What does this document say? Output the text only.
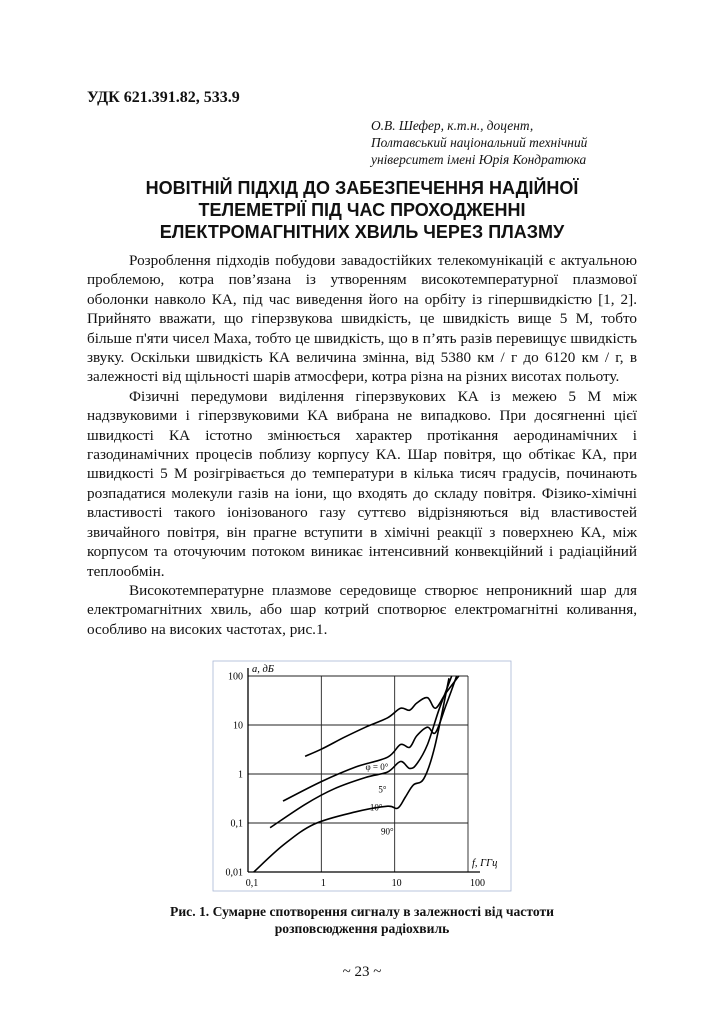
УДК 621.391.82, 533.9
О.В. Шефер, к.т.н., доцент,
Полтавський національний технічний
університет імені Юрія Кондратюка
НОВІТНІЙ ПІДХІД ДО ЗАБЕЗПЕЧЕННЯ НАДІЙНОЇ
ТЕЛЕМЕТРІЇ ПІД ЧАС ПРОХОДЖЕННІ
ЕЛЕКТРОМАГНІТНИХ ХВИЛЬ ЧЕРЕЗ ПЛАЗМУ

Розроблення підходів побудови завадостійких телекомунікацій є актуальною проблемою, котра пов’язана із утворенням високотемпературної плазмової оболонки навколо КА, під час виведення його на орбіту із гіпершвидкістю [1, 2]. Прийнято вважати, що гіперзвукова швидкість, це швидкість вище 5 М, тобто більше п'яти чисел Маха, тобто це швидкість, що в п’ять разів перевищує швидкість звуку. Оскільки швидкість КА величина змінна, від 5380 км / г до 6120 км / г, в залежності від щільності шарів атмосфери, котра різна на різних висотах польоту.

Фізичні передумови виділення гіперзвукових КА із межею 5 М між надзвуковими і гіперзвуковими КА вибрана не випадково. При досягненні цієї швидкості КА істотно змінюється характер протікання аеродинамічних і газодинамічних процесів поблизу корпусу КА. Шар повітря, що обтікає КА, при швидкості 5 М розігрівається до температури в кілька тисяч градусів, починають розпадатися молекули газів на іони, що входять до складу повітря. Фізико-хімічні властивості такого іонізованого газу суттєво відрізняються від властивостей звичайного повітря, він прагне вступити в хімічні реакції з поверхнею КА, між корпусом та оточуючим потоком виникає інтенсивний конвекційний і радіаційний теплообмін.

Високотемпературне плазмове середовище створює непроникний шар для електромагнітних хвиль, або шар котрий спотворює електромагнітні коливання, особливо на високих частотах, рис.1.

0,1	1	10	100
0,01
0,1
1
10
100
f, ГГц
а, дБ
φ = 0°
5°
10°
90°
Рис. 1. Сумарне спотворення сигналу в залежності від частоти
розповсюдження радіохвиль
~ 23 ~
